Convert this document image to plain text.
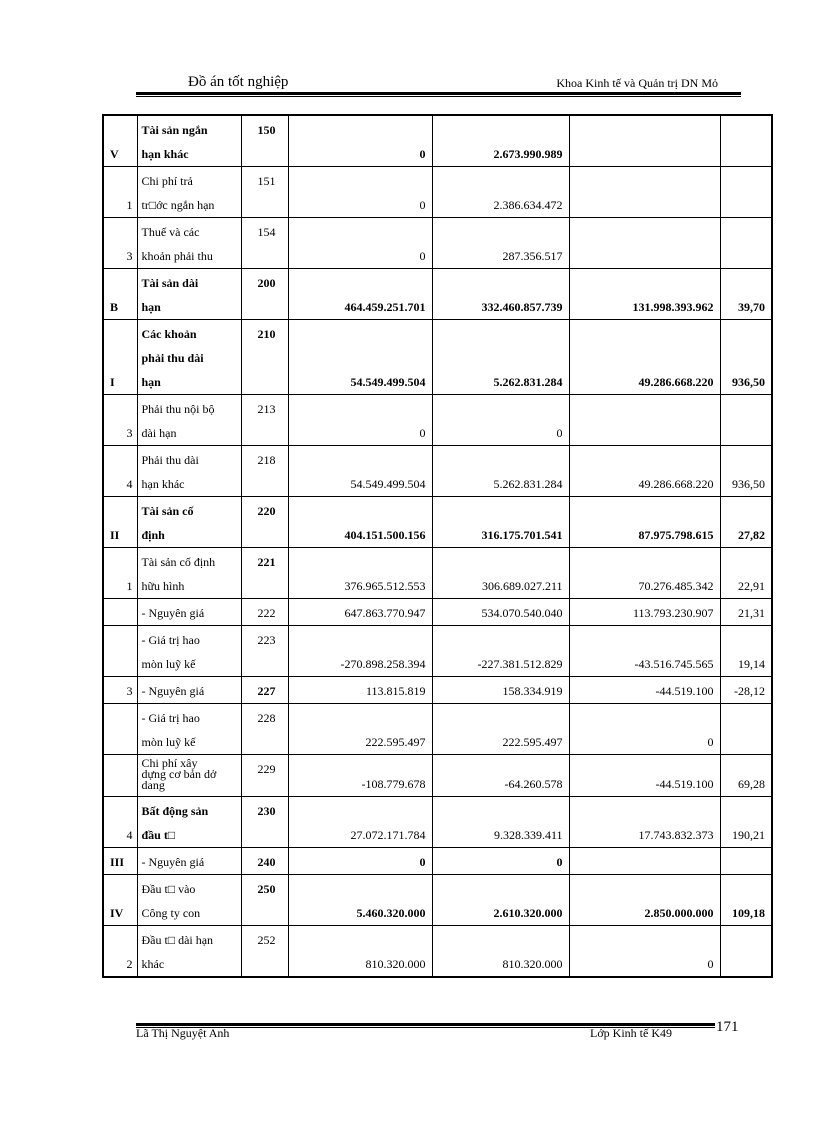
Đồ án tốt nghiệp	Khoa Kinh tế và Quản trị DN Mỏ
V	Tài sản ngắn
hạn khác	150	0	2.673.990.989		
1	Chi phí trả
tr□ớc ngắn hạn	151	0	2.386.634.472		
3	Thuế và các
khoản phải thu	154	0	287.356.517		
B	Tài sản dài
hạn	200	464.459.251.701	332.460.857.739	131.998.393.962	39,70
I	Các khoản
phải thu dài
hạn	210	54.549.499.504	5.262.831.284	49.286.668.220	936,50
3	Phải thu nội bộ
dài hạn	213	0	0		
4	Phải thu dài
hạn khác	218	54.549.499.504	5.262.831.284	49.286.668.220	936,50
II	Tài sản cố
định	220	404.151.500.156	316.175.701.541	87.975.798.615	27,82
1	Tài sản cố định
hữu hình	221	376.965.512.553	306.689.027.211	70.276.485.342	22,91

	- Nguyên giá	222	647.863.770.947	534.070.540.040	113.793.230.907	21,31

	- Giá trị hao
mòn luỹ kế	223	-270.898.258.394	-227.381.512.829	-43.516.745.565	19,14
3	- Nguyên giá	227	113.815.819	158.334.919	-44.519.100	-28,12

	- Giá trị hao
mòn luỹ kế	228	222.595.497	222.595.497	0	

	Chi phí xây
dựng cơ bản dở
dang	229	-108.779.678	-64.260.578	-44.519.100	69,28
4	Bất động sản
đầu t□	230	27.072.171.784	9.328.339.411	17.743.832.373	190,21
III	- Nguyên giá	240	0	0		
IV	Đầu t□ vào
Công ty con	250	5.460.320.000	2.610.320.000	2.850.000.000	109,18
2	Đầu t□ dài hạn
khác	252	810.320.000	810.320.000	0	
Lã Thị Nguyệt Anh	Lớp Kinh tế K49	171
